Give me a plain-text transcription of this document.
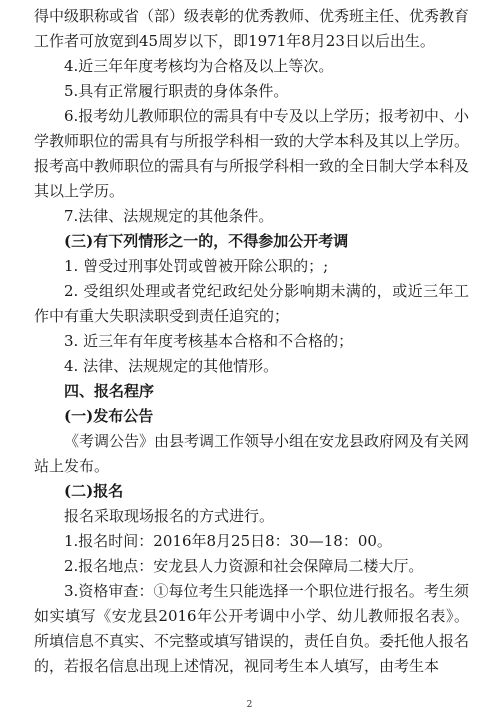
得中级职称或省（部）级表彰的优秀教师、优秀班主任、优秀教育工作者可放宽到45周岁以下，即1971年8月23日以后出生。
4.近三年年度考核均为合格及以上等次。
5.具有正常履行职责的身体条件。
6.报考幼儿教师职位的需具有中专及以上学历；报考初中、小学教师职位的需具有与所报学科相一致的大学本科及其以上学历。报考高中教师职位的需具有与所报学科相一致的全日制大学本科及其以上学历。
7.法律、法规规定的其他条件。
(三)有下列情形之一的，不得参加公开考调
1. 曾受过刑事处罚或曾被开除公职的；;
2. 受组织处理或者党纪政纪处分影响期未满的，或近三年工作中有重大失职渎职受到责任追究的；
3. 近三年有年度考核基本合格和不合格的；
4. 法律、法规规定的其他情形。
四、报名程序
(一)发布公告
《考调公告》由县考调工作领导小组在安龙县政府网及有关网站上发布。
(二)报名
报名采取现场报名的方式进行。
1.报名时间：2016年8月25日8：30—18：00。
2.报名地点：安龙县人力资源和社会保障局二楼大厅。
3.资格审查：①每位考生只能选择一个职位进行报名。考生须如实填写《安龙县2016年公开考调中小学、幼儿教师报名表》。所填信息不真实、不完整或填写错误的，责任自负。委托他人报名的，若报名信息出现上述情况，视同考生本人填写，由考生本
2
